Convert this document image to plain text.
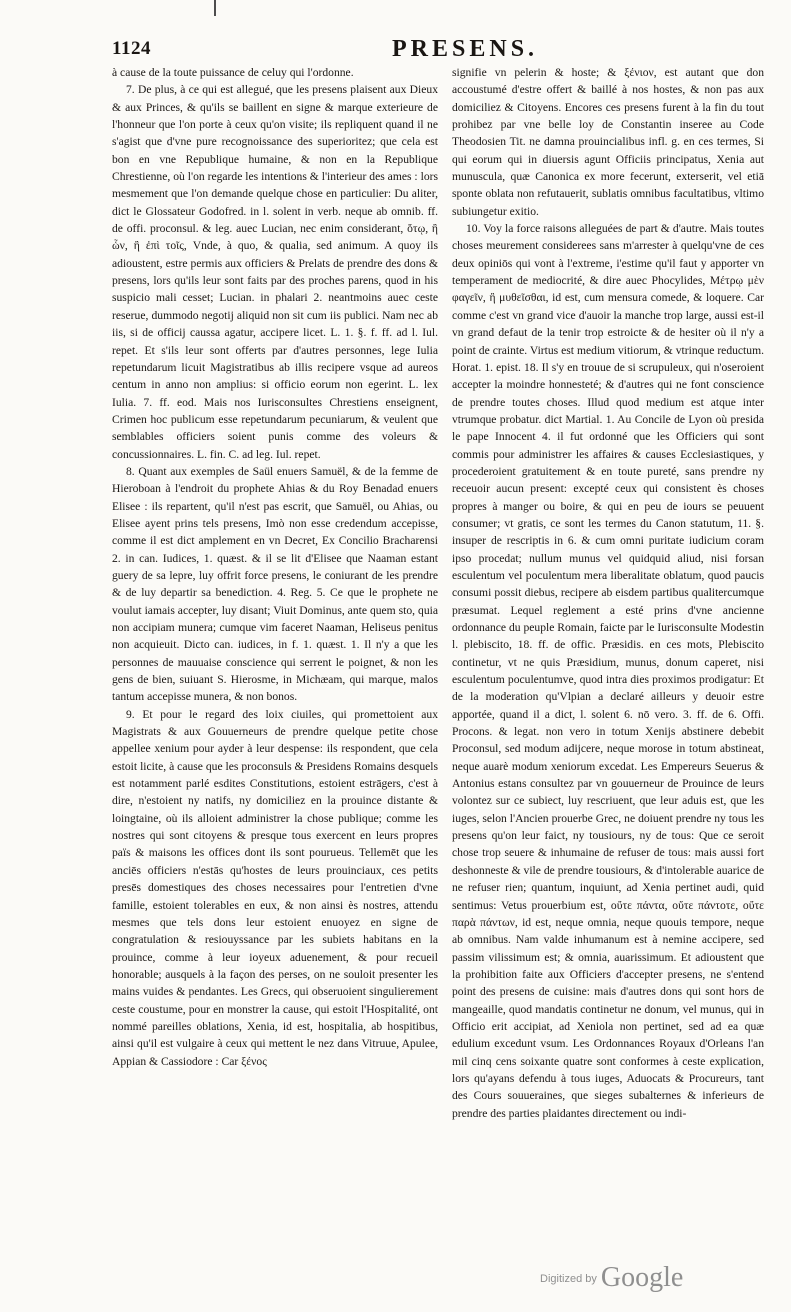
1124	PRESENS.

à cause de la toute puissance de celuy qui l'ordonne.

7. De plus, à ce qui est allegué, que les presens plaisent aux Dieux & aux Princes, & qu'ils se baillent en signe & marque exterieure de l'honneur que l'on porte à ceux qu'on visite; ils repliquent quand il ne s'agist que d'vne pure recognoissance des superioritez; que cela est bon en vne Republique humaine, & non en la Republique Chrestienne, où l'on regarde les intentions & l'interieur des ames : lors mesmement que l'on demande quelque chose en particulier: Du aliter, dict le Glossateur Godofred. in l. solent in verb. neque ab omnib. ff. de offi. proconsul. & leg. auec Lucian, nec enim considerant, ὅτῳ, ἢ ὧν, ἢ ἐπὶ τοῖς, Vnde, à quo, & qualia, sed animum. A quoy ils adioustent, estre permis aux officiers & Prelats de prendre des dons & presens, lors qu'ils leur sont faits par des proches parens, quod in his suspicio mali cesset; Lucian. in phalari 2. neantmoins auec ceste reserue, dummodo negotij aliquid non sit cum iis publici. Nam nec ab iis, si de officij caussa agatur, accipere licet. L. 1. §. f. ff. ad l. Iul. repet. Et s'ils leur sont offerts par d'autres personnes, lege Iulia repetundarum licuit Magistratibus ab illis recipere vsque ad aureos centum in anno non amplius: si officio eorum non egerint. L. lex Iulia. 7. ff. eod. Mais nos Iurisconsultes Chrestiens enseignent, Crimen hoc publicum esse repetundarum pecuniarum, & veulent que semblables officiers soient punis comme des voleurs & concussionnaires. L. fin. C. ad leg. Iul. repet.

8. Quant aux exemples de Saül enuers Samuël, & de la femme de Hieroboan à l'endroit du prophete Ahias & du Roy Benadad enuers Elisee : ils repartent, qu'il n'est pas escrit, que Samuël, ou Ahias, ou Elisee ayent prins tels presens, Imò non esse credendum accepisse, comme il est dict amplement en vn Decret, Ex Concilio Bracharensi 2. in can. Iudices, 1. quæst. & il se lit d'Elisee que Naaman estant guery de sa lepre, luy offrit force presens, le coniurant de les prendre & de luy departir sa benediction. 4. Reg. 5. Ce que le prophete ne voulut iamais accepter, luy disant; Viuit Dominus, ante quem sto, quia non accipiam munera; cumque vim faceret Naaman, Heliseus penitus non acquieuit. Dicto can. iudices, in f. 1. quæst. 1. Il n'y a que les personnes de mauuaise conscience qui serrent le poignet, & non les gens de bien, suiuant S. Hierosme, in Michæam, qui marque, malos tantum accepisse munera, & non bonos.

9. Et pour le regard des loix ciuiles, qui promettoient aux Magistrats & aux Gouuerneurs de prendre quelque petite chose appellee xenium pour ayder à leur despense: ils respondent, que cela estoit licite, à cause que les proconsuls & Presidens Romains desquels est notamment parlé esdites Constitutions, estoient estrāgers, c'est à dire, n'estoient ny natifs, ny domiciliez en la prouince distante & loingtaine, où ils alloient administrer la chose publique; comme les nostres qui sont citoyens & presque tous exercent en leurs propres païs & maisons les offices dont ils sont pourueus. Tellemēt que les anciēs officiers n'estās qu'hostes de leurs prouinciaux, ces petits presēs domestiques des choses necessaires pour l'entretien d'vne famille, estoient tolerables en eux, & non ainsi ès nostres, attendu mesmes que tels dons leur estoient enuoyez en signe de congratulation & resiouyssance par les subiets habitans en la prouince, comme à leur ioyeux aduenement, & pour recueil honorable; ausquels à la façon des perses, on ne souloit presenter les mains vuides & pendantes. Les Grecs, qui obseruoient singulierement ceste coustume, pour en monstrer la cause, qui estoit l'Hospitalité, ont nommé pareilles oblations, Xenia, id est, hospitalia, ab hospitibus, ainsi qu'il est vulgaire à ceux qui mettent le nez dans Vitruue, Apulee, Appian & Cassiodore : Car ξένος

signifie vn pelerin & hoste; & ξένιον, est autant que don accoustumé d'estre offert & baillé à nos hostes, & non pas aux domiciliez & Citoyens. Encores ces presens furent à la fin du tout prohibez par vne belle loy de Constantin inseree au Code Theodosien Tit. ne damna prouincialibus infl. g. en ces termes, Si qui eorum qui in diuersis agunt Officiis principatus, Xenia aut munuscula, quæ Canonica ex more fecerunt, exterserit, vel etiā sponte oblata non refutauerit, sublatis omnibus facultatibus, vltimo subiungetur exitio.

10. Voy la force raisons alleguées de part & d'autre. Mais toutes choses meurement considerees sans m'arrester à quelqu'vne de ces deux opiniōs qui vont à l'extreme, i'estime qu'il faut y apporter vn temperament de mediocrité, & dire auec Phocylides, Μέτρῳ μὲν φαγεῖν, ἢ μυθεῖσθαι, id est, cum mensura comede, & loquere. Car comme c'est vn grand vice d'auoir la manche trop large, aussi est-il vn grand defaut de la tenir trop estroicte & de hesiter où il n'y a point de crainte. Virtus est medium vitiorum, & vtrinque reductum. Horat. 1. epist. 18. Il s'y en trouue de si scrupuleux, qui n'oseroient accepter la moindre honnesteté; & d'autres qui ne font conscience de prendre toutes choses. Illud quod medium est atque inter vtrumque probatur. dict Martial. 1. Au Concile de Lyon où presida le pape Innocent 4. il fut ordonné que les Officiers qui sont commis pour administrer les affaires & causes Ecclesiastiques, y procederoient gratuitement & en toute pureté, sans prendre ny receuoir aucun present: excepté ceux qui consistent ès choses propres à manger ou boire, & qui en peu de iours se peuuent consumer; vt gratis, ce sont les termes du Canon statutum, 11. §. insuper de rescriptis in 6. & cum omni puritate iudicium coram ipso procedat; nullum munus vel quidquid aliud, nisi forsan esculentum vel poculentum mera liberalitate oblatum, quod paucis consumi possit diebus, recipere ab eisdem partibus qualitercumque præsumat. Lequel reglement a esté prins d'vne ancienne ordonnance du peuple Romain, faicte par le Iurisconsulte Modestin l. plebiscito, 18. ff. de offic. Præsidis. en ces mots, Plebiscito continetur, vt ne quis Præsidium, munus, donum caperet, nisi esculentum poculentumve, quod intra dies proximos prodigatur: Et de la moderation qu'Vlpian a declaré ailleurs y deuoir estre apportée, quand il a dict, l. solent 6. nō vero. 3. ff. de 6. Offi. Procons. & legat. non vero in totum Xenijs abstinere debebit Proconsul, sed modum adijcere, neque morose in totum abstineat, neque auarè modum xeniorum excedat. Les Empereurs Seuerus & Antonius estans consultez par vn gouuerneur de Prouince de leurs volontez sur ce subiect, luy rescriuent, que leur aduis est, que les iuges, selon l'Ancien prouerbe Grec, ne doiuent prendre ny tous les presens qu'on leur faict, ny tousiours, ny de tous: Que ce seroit chose trop seuere & inhumaine de refuser de tous: mais aussi fort deshonneste & vile de prendre tousiours, & d'intolerable auarice de ne refuser rien; quantum, inquiunt, ad Xenia pertinet audi, quid sentimus: Vetus prouerbium est, οὔτε πάντα, οὔτε πάντοτε, οὔτε παρὰ πάντων, id est, neque omnia, neque quouis tempore, neque ab omnibus. Nam valde inhumanum est à nemine accipere, sed passim vilissimum est; & omnia, auarissimum. Et adioustent que la prohibition faite aux Officiers d'accepter presens, ne s'entend point des presens de cuisine: mais d'autres dons qui sont hors de mangeaille, quod mandatis continetur ne donum, vel munus, qui in Officio erit accipiat, ad Xeniola non pertinet, sed ad ea quæ edulium excedunt vsum. Les Ordonnances Royaux d'Orleans l'an mil cinq cens soixante quatre sont conformes à ceste explication, lors qu'ayans defendu à tous iuges, Aduocats & Procureurs, tant des Cours souueraines, que sieges subalternes & inferieurs de prendre des parties plaidantes directement ou indi-

$^{Digitized by}$ Google
